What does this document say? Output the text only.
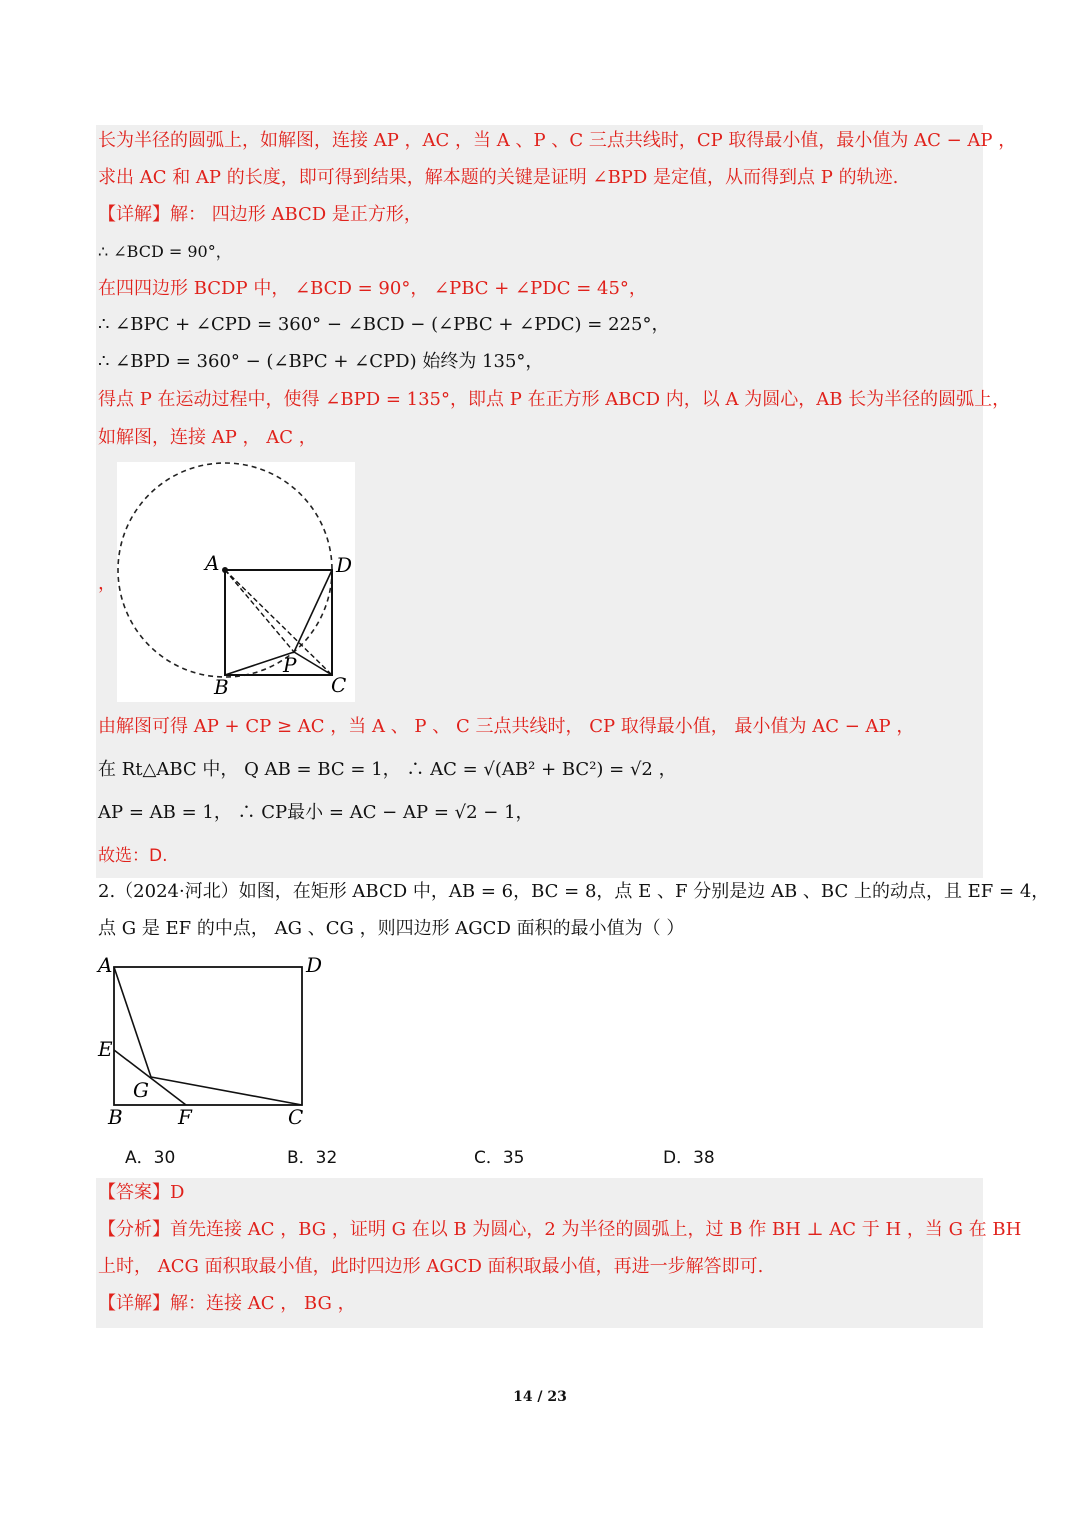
长为半径的圆弧上，如解图，连接 AP ，AC ，当 A 、P 、C 三点共线时，CP 取得最小值，最小值为 AC − AP ，
求出 AC 和 AP 的长度，即可得到结果，解本题的关键是证明 ∠BPD 是定值，从而得到点 P 的轨迹.
【详解】解： 四边形 ABCD 是正方形，
∴ ∠BCD = 90°，
在四四边形 BCDP 中， ∠BCD = 90°， ∠PBC + ∠PDC = 45°，
∴ ∠BPC + ∠CPD = 360° − ∠BCD − (∠PBC + ∠PDC) = 225°，
∴ ∠BPD = 360° − (∠BPC + ∠CPD) 始终为 135°，
得点 P 在运动过程中，使得 ∠BPD = 135°，即点 P 在正方形 ABCD 内，以 A 为圆心，AB 长为半径的圆弧上，
如解图，连接 AP ， AC ，
，
A	D
B	C
P
由解图可得 AP + CP ≥ AC ，当 A 、 P 、 C 三点共线时， CP 取得最小值， 最小值为 AC − AP ，
在 Rt△ABC 中， Q AB = BC = 1， ∴ AC = √(AB² + BC²) = √2 ，
AP = AB = 1， ∴ CP最小 = AC − AP = √2 − 1，
故选：D.
2.（2024·河北）如图，在矩形 ABCD 中，AB = 6，BC = 8，点 E 、F 分别是边 AB 、BC 上的动点，且 EF = 4，
点 G 是 EF 的中点， AG 、CG ，则四边形 AGCD 面积的最小值为（ ）
A	D
E
G
B	F	C
A．30	B．32	C．35	D．38
【答案】D
【分析】首先连接 AC ，BG ，证明 G 在以 B 为圆心，2 为半径的圆弧上，过 B 作 BH ⊥ AC 于 H ，当 G 在 BH
上时， ACG 面积取最小值，此时四边形 AGCD 面积取最小值，再进一步解答即可.
【详解】解：连接 AC ， BG ，
14 / 23
